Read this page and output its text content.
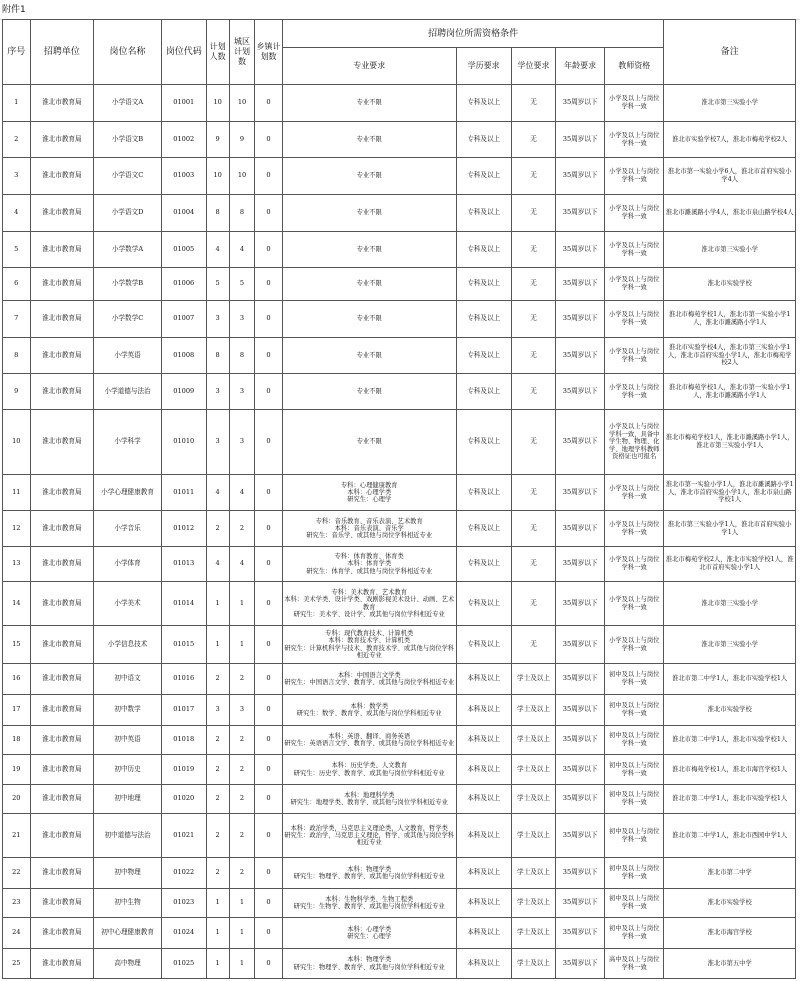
附件1
序号	招聘单位	岗位名称	岗位代码	计划人数	城区计划数	乡镇计划数	招聘岗位所需资格条件					备注
							专业要求	学历要求	学位要求	年龄要求	教师资格	
1	淮北市教育局	小学语文A	01001	10	10	0	专业不限	专科及以上	无	35周岁以下	小学及以上与岗位学科一致	淮北市第三实验小学
2	淮北市教育局	小学语文B	01002	9	9	0	专业不限	专科及以上	无	35周岁以下	小学及以上与岗位学科一致	淮北市实验学校7人，淮北市梅苑学校2人
3	淮北市教育局	小学语文C	01003	10	10	0	专业不限	专科及以上	无	35周岁以下	小学及以上与岗位学科一致	淮北市第一实验小学6人，淮北市首府实验小学4人
4	淮北市教育局	小学语文D	01004	8	8	0	专业不限	专科及以上	无	35周岁以下	小学及以上与岗位学科一致	淮北市濉溪路小学4人，淮北市泉山路学校4人
5	淮北市教育局	小学数学A	01005	4	4	0	专业不限	专科及以上	无	35周岁以下	小学及以上与岗位学科一致	淮北市第三实验小学
6	淮北市教育局	小学数学B	01006	5	5	0	专业不限	专科及以上	无	35周岁以下	小学及以上与岗位学科一致	淮北市实验学校
7	淮北市教育局	小学数学C	01007	3	3	0	专业不限	专科及以上	无	35周岁以下	小学及以上与岗位学科一致	淮北市梅苑学校1人，淮北市第一实验小学1人，淮北市濉溪路小学1人
8	淮北市教育局	小学英语	01008	8	8	0	专业不限	专科及以上	无	35周岁以下	小学及以上与岗位学科一致	淮北市实验学校4人，淮北市第三实验小学1人，淮北市首府实验小学1人，淮北市梅苑学校2人
9	淮北市教育局	小学道德与法治	01009	3	3	0	专业不限	专科及以上	无	35周岁以下	小学及以上与岗位学科一致	淮北市梅苑学校1人，淮北市第一实验小学1人，淮北市濉溪路小学1人
10	淮北市教育局	小学科学	01010	3	3	0	专业不限	专科及以上	无	35周岁以下	小学及以上与岗位学科一致，具备中学生物、物理、化学、地理学科教师资格证也可报名	淮北市梅苑学校1人，淮北市濉溪路小学1人，淮北市第三实验小学1人
11	淮北市教育局	小学心理健康教育	01011	4	4	0	专科：心理健康教育
本科：心理学类
研究生：心理学	专科及以上	无	35周岁以下	小学及以上与岗位学科一致	淮北市第一实验小学1人，淮北市濉溪路小学1人，淮北市首府实验小学1人，淮北市泉山路学校1人
12	淮北市教育局	小学音乐	01012	2	2	0	专科：音乐教育、音乐表演、艺术教育
本科：音乐表演、音乐学
研究生：音乐学、或其他与岗位学科相近专业	专科及以上	无	35周岁以下	小学及以上与岗位学科一致	淮北市第三实验小学1人，淮北市首府实验小学1人
13	淮北市教育局	小学体育	01013	4	4	0	专科：体育教育、体育类
本科：体育学类
研究生：体育学、或其他与岗位学科相近专业	专科及以上	无	35周岁以下	小学及以上与岗位学科一致	淮北市梅苑学校2人，淮北市实验学校1人，淮北市首府实验小学1人
14	淮北市教育局	小学美术	01014	1	1	0	专科：美术教育、艺术教育
本科：美术学类、设计学类、戏剧影视美术设计、动画、艺术教育
研究生：美术学、设计学、或其他与岗位学科相近专业	专科及以上	无	35周岁以下	小学及以上与岗位学科一致	淮北市第三实验小学
15	淮北市教育局	小学信息技术	01015	1	1	0	专科：现代教育技术、计算机类
本科：教育技术学、计算机类
研究生：计算机科学与技术、教育技术学、或其他与岗位学科相近专业	专科及以上	无	35周岁以下	小学及以上与岗位学科一致	淮北市第三实验小学
16	淮北市教育局	初中语文	01016	2	2	0	本科：中国语言文学类
研究生：中国语言文学、教育学、或其他与岗位学科相近专业	本科及以上	学士及以上	35周岁以下	初中及以上与岗位学科一致	淮北市第二中学1人，淮北市实验学校1人
17	淮北市教育局	初中数学	01017	3	3	0	本科：数学类
研究生：数学、教育学、或其他与岗位学科相近专业	本科及以上	学士及以上	35周岁以下	初中及以上与岗位学科一致	淮北市实验学校
18	淮北市教育局	初中英语	01018	2	2	0	本科：英语、翻译、商务英语
研究生：英语语言文学、教育学、或其他与岗位学科相近专业	本科及以上	学士及以上	35周岁以下	初中及以上与岗位学科一致	淮北市第二中学1人，淮北市实验学校1人
19	淮北市教育局	初中历史	01019	2	2	0	本科：历史学类、人文教育
研究生：历史学、教育学、或其他与岗位学科相近专业	本科及以上	学士及以上	35周岁以下	初中及以上与岗位学科一致	淮北市梅苑学校1人，淮北市海宫学校1人
20	淮北市教育局	初中地理	01020	2	2	0	本科：地理科学类
研究生：地理学类、教育学、或其他与岗位学科相近专业	本科及以上	学士及以上	35周岁以下	初中及以上与岗位学科一致	淮北市第二中学1人，淮北市实验学校1人
21	淮北市教育局	初中道德与法治	01021	2	2	0	本科：政治学类，马克思主义理论类，人文教育，哲学类
研究生：政治学，马克思主义理论，哲学、或其他与岗位学科相近专业	本科及以上	学士及以上	35周岁以下	初中及以上与岗位学科一致	淮北市第二中学1人，淮北市西园中学1人
22	淮北市教育局	初中物理	01022	2	2	0	本科：物理学类
研究生：物理学、教育学、或其他与岗位学科相近专业	本科及以上	学士及以上	35周岁以下	初中及以上与岗位学科一致	淮北市第二中学
23	淮北市教育局	初中生物	01023	1	1	0	本科：生物科学类、生物工程类
研究生：生物学、教育学、或其他与岗位学科相近专业	本科及以上	学士及以上	35周岁以下	初中及以上与岗位学科一致	淮北市实验学校
24	淮北市教育局	初中心理健康教育	01024	1	1	0	本科：心理学类
研究生：心理学	本科及以上	学士及以上	35周岁以下	初中及以上与岗位学科一致	淮北市海宫学校
25	淮北市教育局	高中物理	01025	1	1	0	本科：物理学类
研究生：物理学、教育学、或其他与岗位学科相近专业	本科及以上	学士及以上	35周岁以下	高中及以上与岗位学科一致	淮北市第五中学
